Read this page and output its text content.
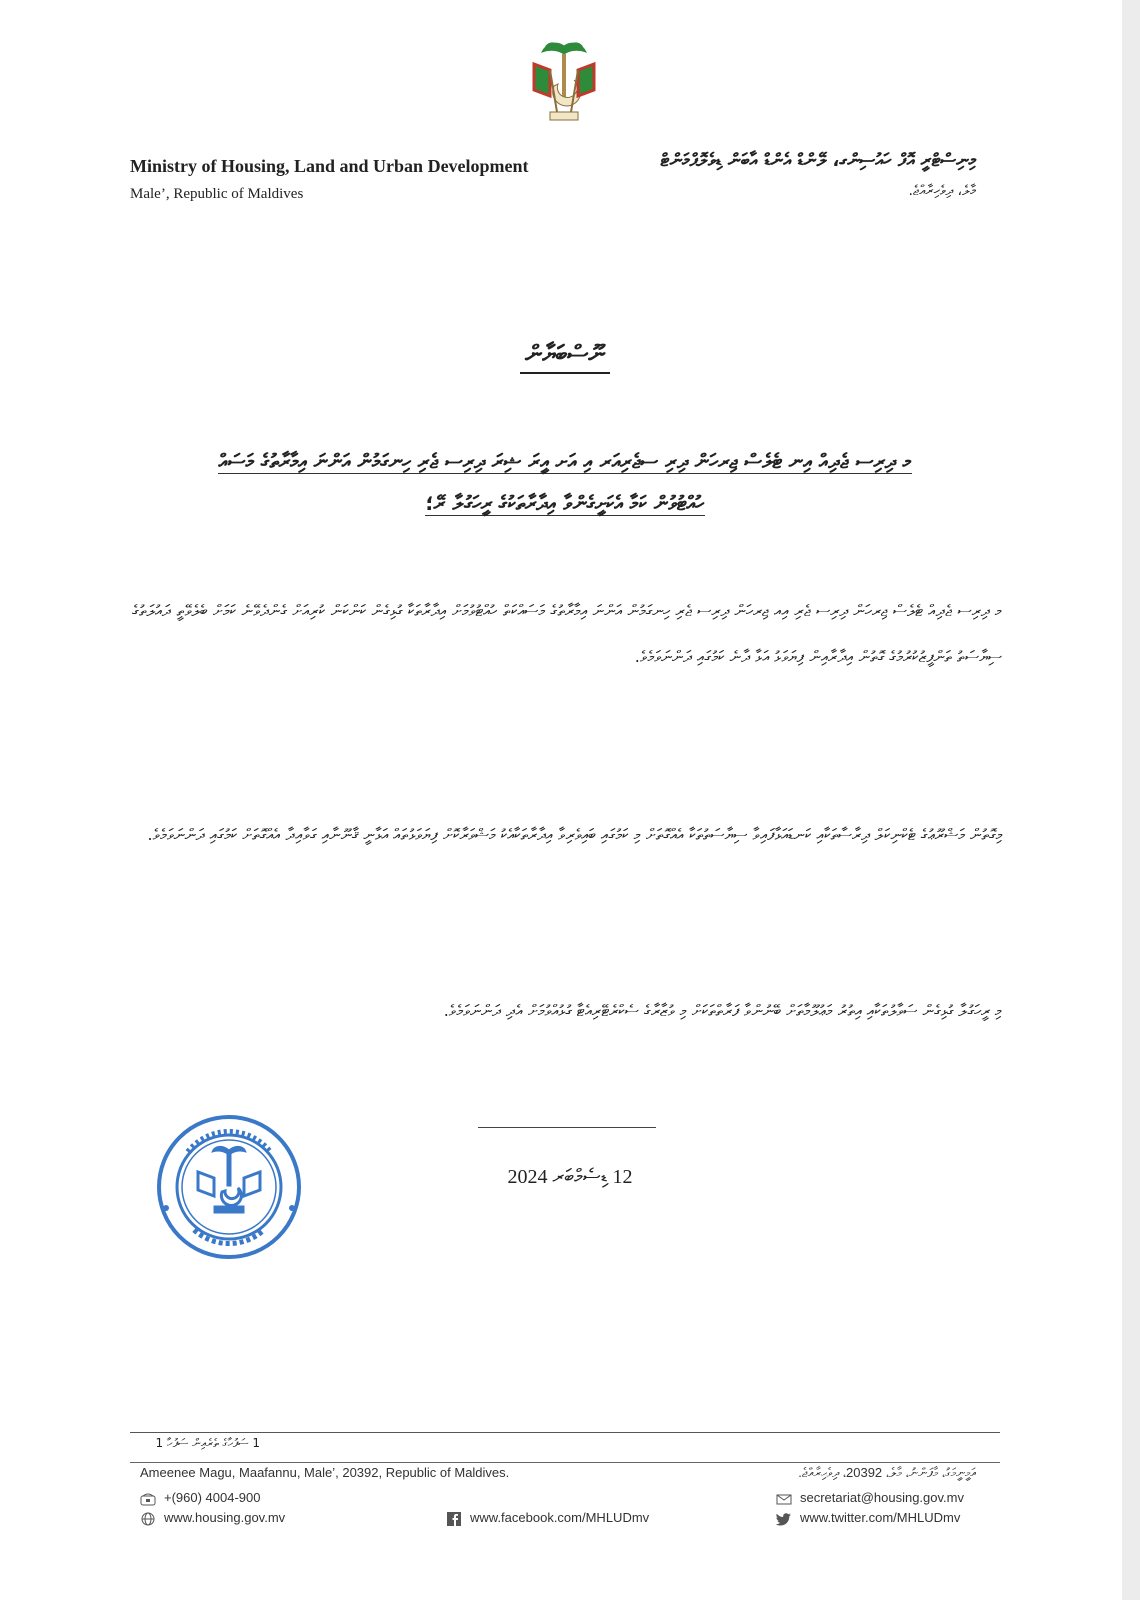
Ministry of Housing, Land and Urban Development
Male’, Republic of Maldives
މިނިސްޓްރީ އޮފް ހައުސިންގ، ލޭންޑް އެންޑް އާބަން ޑިވެލޮޕްމަންޓް
މާލެ، ދިވެހިރާއްޖެ.
ނޫސްބަޔާން
މ ދިރިސ ޖެދިއް އިނ ޓެލެސް ޖިރހަން ދިރި ސޖެރިއަރ އި އަށ އީރަ ޝިރަ ދިރިސ ޖެރި ހިނގަމުން އަންނަ އިމާރާތުގެ މަސައް
ހުއްޓުވުން ކަމާ އެކަށީގެންވާ އިދާރާތަކުގެ ރީހަގުލާ ރޭ؛
މ ދިރިސ ޖެދިއް ޓެލެސް ޖިރހަން ދިރިސ ޖެރި އިއ ޖިރހަން ދިރިސ ޖެރި ހިނގަމުން އަންނަ އިމާރާތުގެ މަސައްކަތް ހުއްޓުވުމަށް އިދާރާތަކާ ގުޅިގެން ކަންކަން ކުރިއަށް ގެންދެވޭނެ ކަމަށް ބެލެވޭތީ ދައުލަތުގެ ސިޔާސަތު ތަންފީޒުކުރުމުގެ ގޮތުން އިދާރާއިން ފިޔަވަޅު އަޅާ ދާނެ ކަމުގައި ދަންނަވަމެވެ.
މިގޮތުން މަޝްރޫޢުގެ ޓެކްނިކަލް ދިރާސާތަކާއި ކަނޑައަޅާފައިވާ ސިޔާސަތުތަކާ އެއްގޮތަށް މި ކަމުގައި ބައިވެރިވާ އިދާރާތަކާއެކު މަޝްވަރާކޮށް ފިޔަވަޅުތައް އަޅާނީ ޤާނޫނާއި ގަވާއިދާ އެއްގޮތަށް ކަމުގައި ދަންނަވަމެވެ.
މި ރީހަގުލާ ގުޅިގެން ސަވާލުތަކާއި އިތުރު މަޢުލޫމާތަށް ބޭނުންވާ ފަރާތްތަކަށް މި ވުޒާރާގެ ސެކްރެޓޭރިއެޓާ ގުޅުއްވުމަށް އެދި ދަންނަވަމެވެ.
12 ޑިސެމްބަރ 2024
1 ސަފުހާގެ ތެރެއިން ސަފުހާ 1
Ameenee Magu, Maafannu, Male’, 20392, Republic of Maldives.	އަމީނީމަގު، މާފަންނު، މާލެ، 20392، ދިވެހިރާއްޖެ.
+(960) 4004-900
www.housing.gov.mv	www.facebook.com/MHLUDmv
secretariat@housing.gov.mv
www.twitter.com/MHLUDmv
